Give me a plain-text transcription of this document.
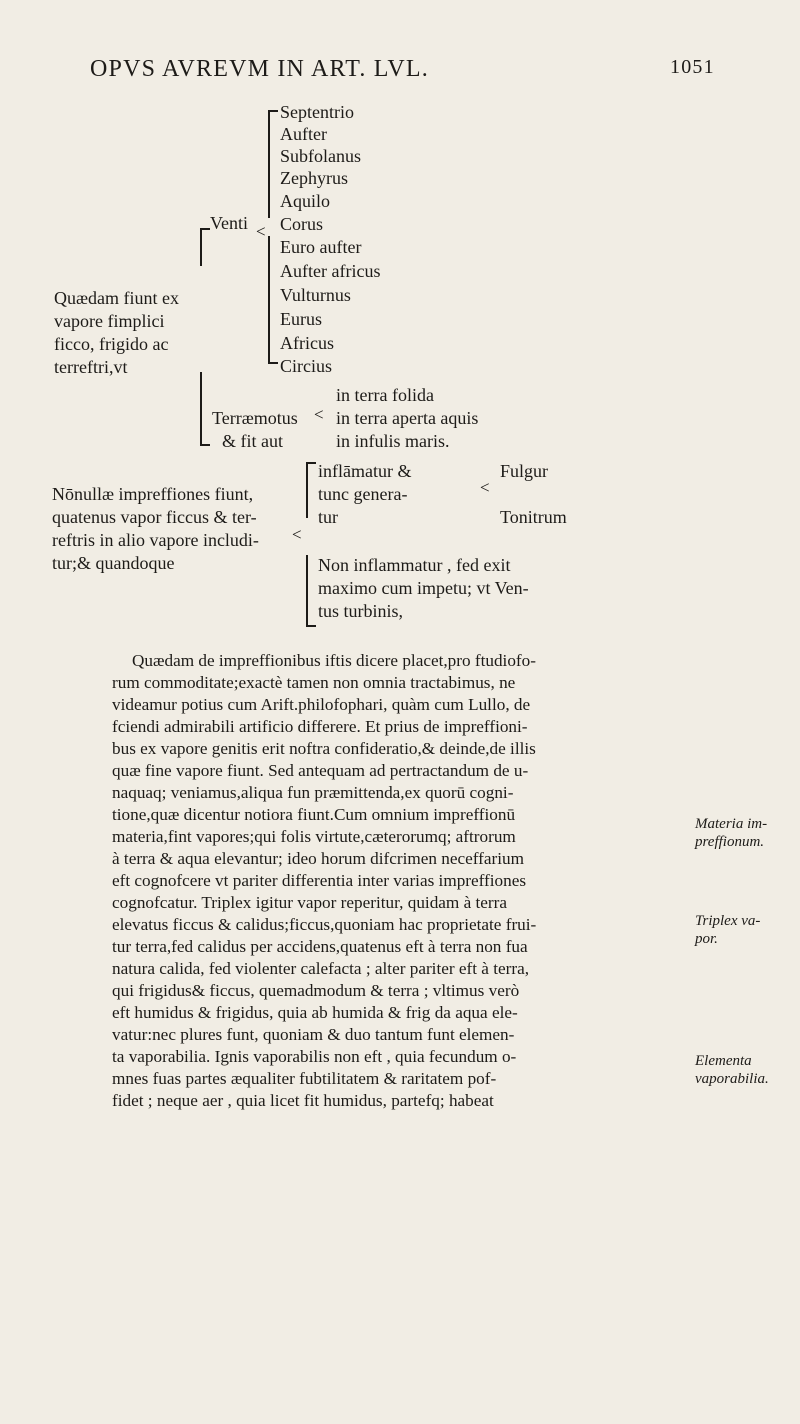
OPVS AVREVM IN ART. LVL.	1051
<
Septentrio
Aufter
Subfolanus
Zephyrus
Aquilo
Corus
Euro aufter
Aufter africus
Vulturnus
Eurus
Africus
Circius
Venti
Quædam fiunt ex
vapore fimplici
ficco, frigido ac
terreftri,vt
Terræmotus
& fit aut
<
in terra folida
in terra aperta aquis
in infulis maris.
Nōnullæ impreffiones fiunt,
quatenus vapor ficcus & ter-
reftris in alio vapore includi-
tur;& quandoque
inflāmatur &
tunc genera-
tur
<
Fulgur
Tonitrum
<
Non inflammatur , fed exit
maximo cum impetu; vt Ven-
tus turbinis,
Quædam de impreffionibus iftis dicere placet,pro ftudiofo-
rum commoditate;exactè tamen non omnia tractabimus, ne
videamur potius cum Arift.philofophari, quàm cum Lullo, de
fciendi admirabili artificio differere. Et prius de impreffioni-
bus ex vapore genitis erit noftra confideratio,& deinde,de illis
quæ fine vapore fiunt. Sed antequam ad pertractandum de u-
naquaq; veniamus,aliqua fun præmittenda,ex quorū cogni-
tione,quæ dicentur notiora fiunt.Cum omnium impreffionū
materia,fint vapores;qui folis virtute,cæterorumq; aftrorum
à terra & aqua elevantur; ideo horum difcrimen neceffarium
eft cognofcere vt pariter differentia inter varias impreffiones
cognofcatur. Triplex igitur vapor reperitur, quidam à terra
elevatus ficcus & calidus;ficcus,quoniam hac proprietate frui-
tur terra,fed calidus per accidens,quatenus eft à terra non fua
natura calida, fed violenter calefacta ; alter pariter eft à terra,
qui frigidus& ficcus, quemadmodum & terra ; vltimus verò
eft humidus & frigidus, quia ab humida & frig da aqua ele-
vatur:nec plures funt, quoniam & duo tantum funt elemen-
ta vaporabilia. Ignis vaporabilis non eft , quia fecundum o-
mnes fuas partes æqualiter fubtilitatem & raritatem pof-
fidet ; neque aer , quia licet fit humidus, partefq; habeat
Materia im-
preffionum.
Triplex va-
por.
Elementa
vaporabilia.
